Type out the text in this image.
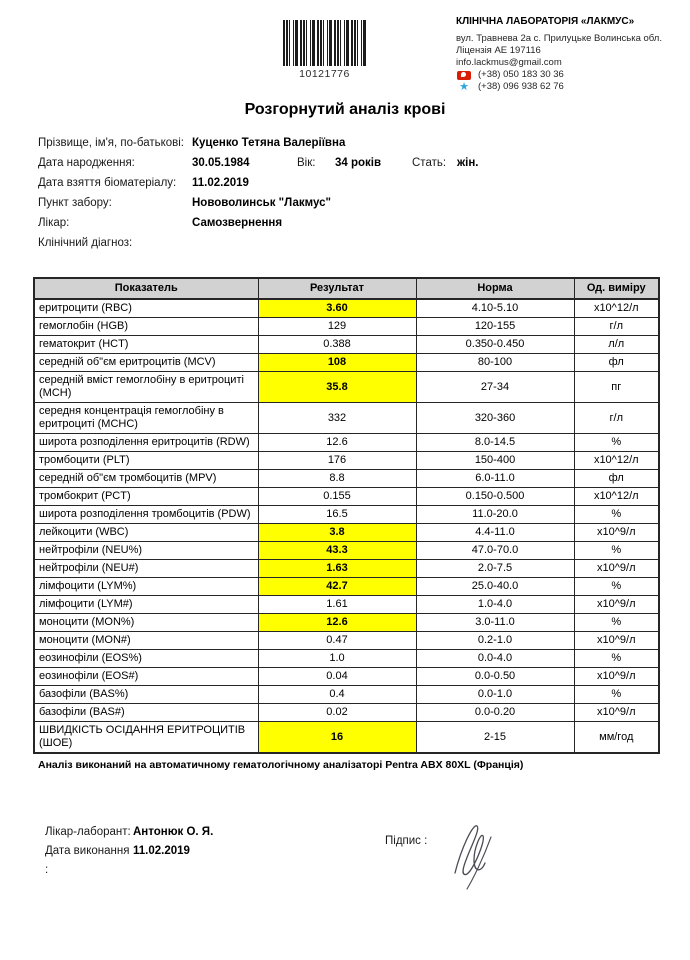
10121776
КЛІНІЧНА ЛАБОРАТОРІЯ «ЛАКМУС»
вул. Травнева 2а с. Прилуцьке Волинська обл.
Ліцензія АЕ 197116
info.lackmus@gmail.com
(+38) 050 183 30 36
★ (+38) 096 938 62 76
Розгорнутий аналіз крові
Прізвище, ім'я, по-батькові: Куценко Тетяна Валеріївна
Дата народження:	30.05.1984	Вік:	34 років	Стать: жін.
Дата взяття біоматеріалу:	11.02.2019
Пункт забору:	Нововолинськ "Лакмус"
Лікар:	Самозвернення
Клінічний діагноз:
Показатель	Результат	Норма	Од. виміру
еритроцити (RBC)	3.60	4.10-5.10	х10^12/л
гемоглобін (HGB)	129	120-155	г/л
гематокрит (HCT)	0.388	0.350-0.450	л/л
середній об"єм еритроцитів (MCV)	108	80-100	фл
середній вміст гемоглобіну в еритроциті (MCH)	35.8	27-34	пг
середня концентрація гемоглобіну в еритроциті (MCHC)	332	320-360	г/л
широта розподілення еритроцитів (RDW)	12.6	8.0-14.5	%
тромбоцити (PLT)	176	150-400	х10^12/л
середній об"єм тромбоцитів (MPV)	8.8	6.0-11.0	фл
тромбокрит (PCT)	0.155	0.150-0.500	х10^12/л
широта розподілення тромбоцитів (PDW)	16.5	11.0-20.0	%
лейкоцити (WBC)	3.8	4.4-11.0	х10^9/л
нейтрофіли (NEU%)	43.3	47.0-70.0	%
нейтрофіли (NEU#)	1.63	2.0-7.5	х10^9/л
лімфоцити (LYM%)	42.7	25.0-40.0	%
лімфоцити (LYM#)	1.61	1.0-4.0	х10^9/л
моноцити (MON%)	12.6	3.0-11.0	%
моноцити (MON#)	0.47	0.2-1.0	х10^9/л
еозинофіли (EOS%)	1.0	0.0-4.0	%
еозинофіли (EOS#)	0.04	0.0-0.50	х10^9/л
базофіли (BAS%)	0.4	0.0-1.0	%
базофіли (BAS#)	0.02	0.0-0.20	х10^9/л
ШВИДКІСТЬ ОСІДАННЯ ЕРИТРОЦИТІВ (ШОЕ)	16	2-15	мм/год
Аналіз виконаний на автоматичному гематологічному аналізаторі Pentra ABX 80XL (Франція)
Лікар-лаборант: Антонюк О. Я.
Дата виконання :
11.02.2019
Підпис :
